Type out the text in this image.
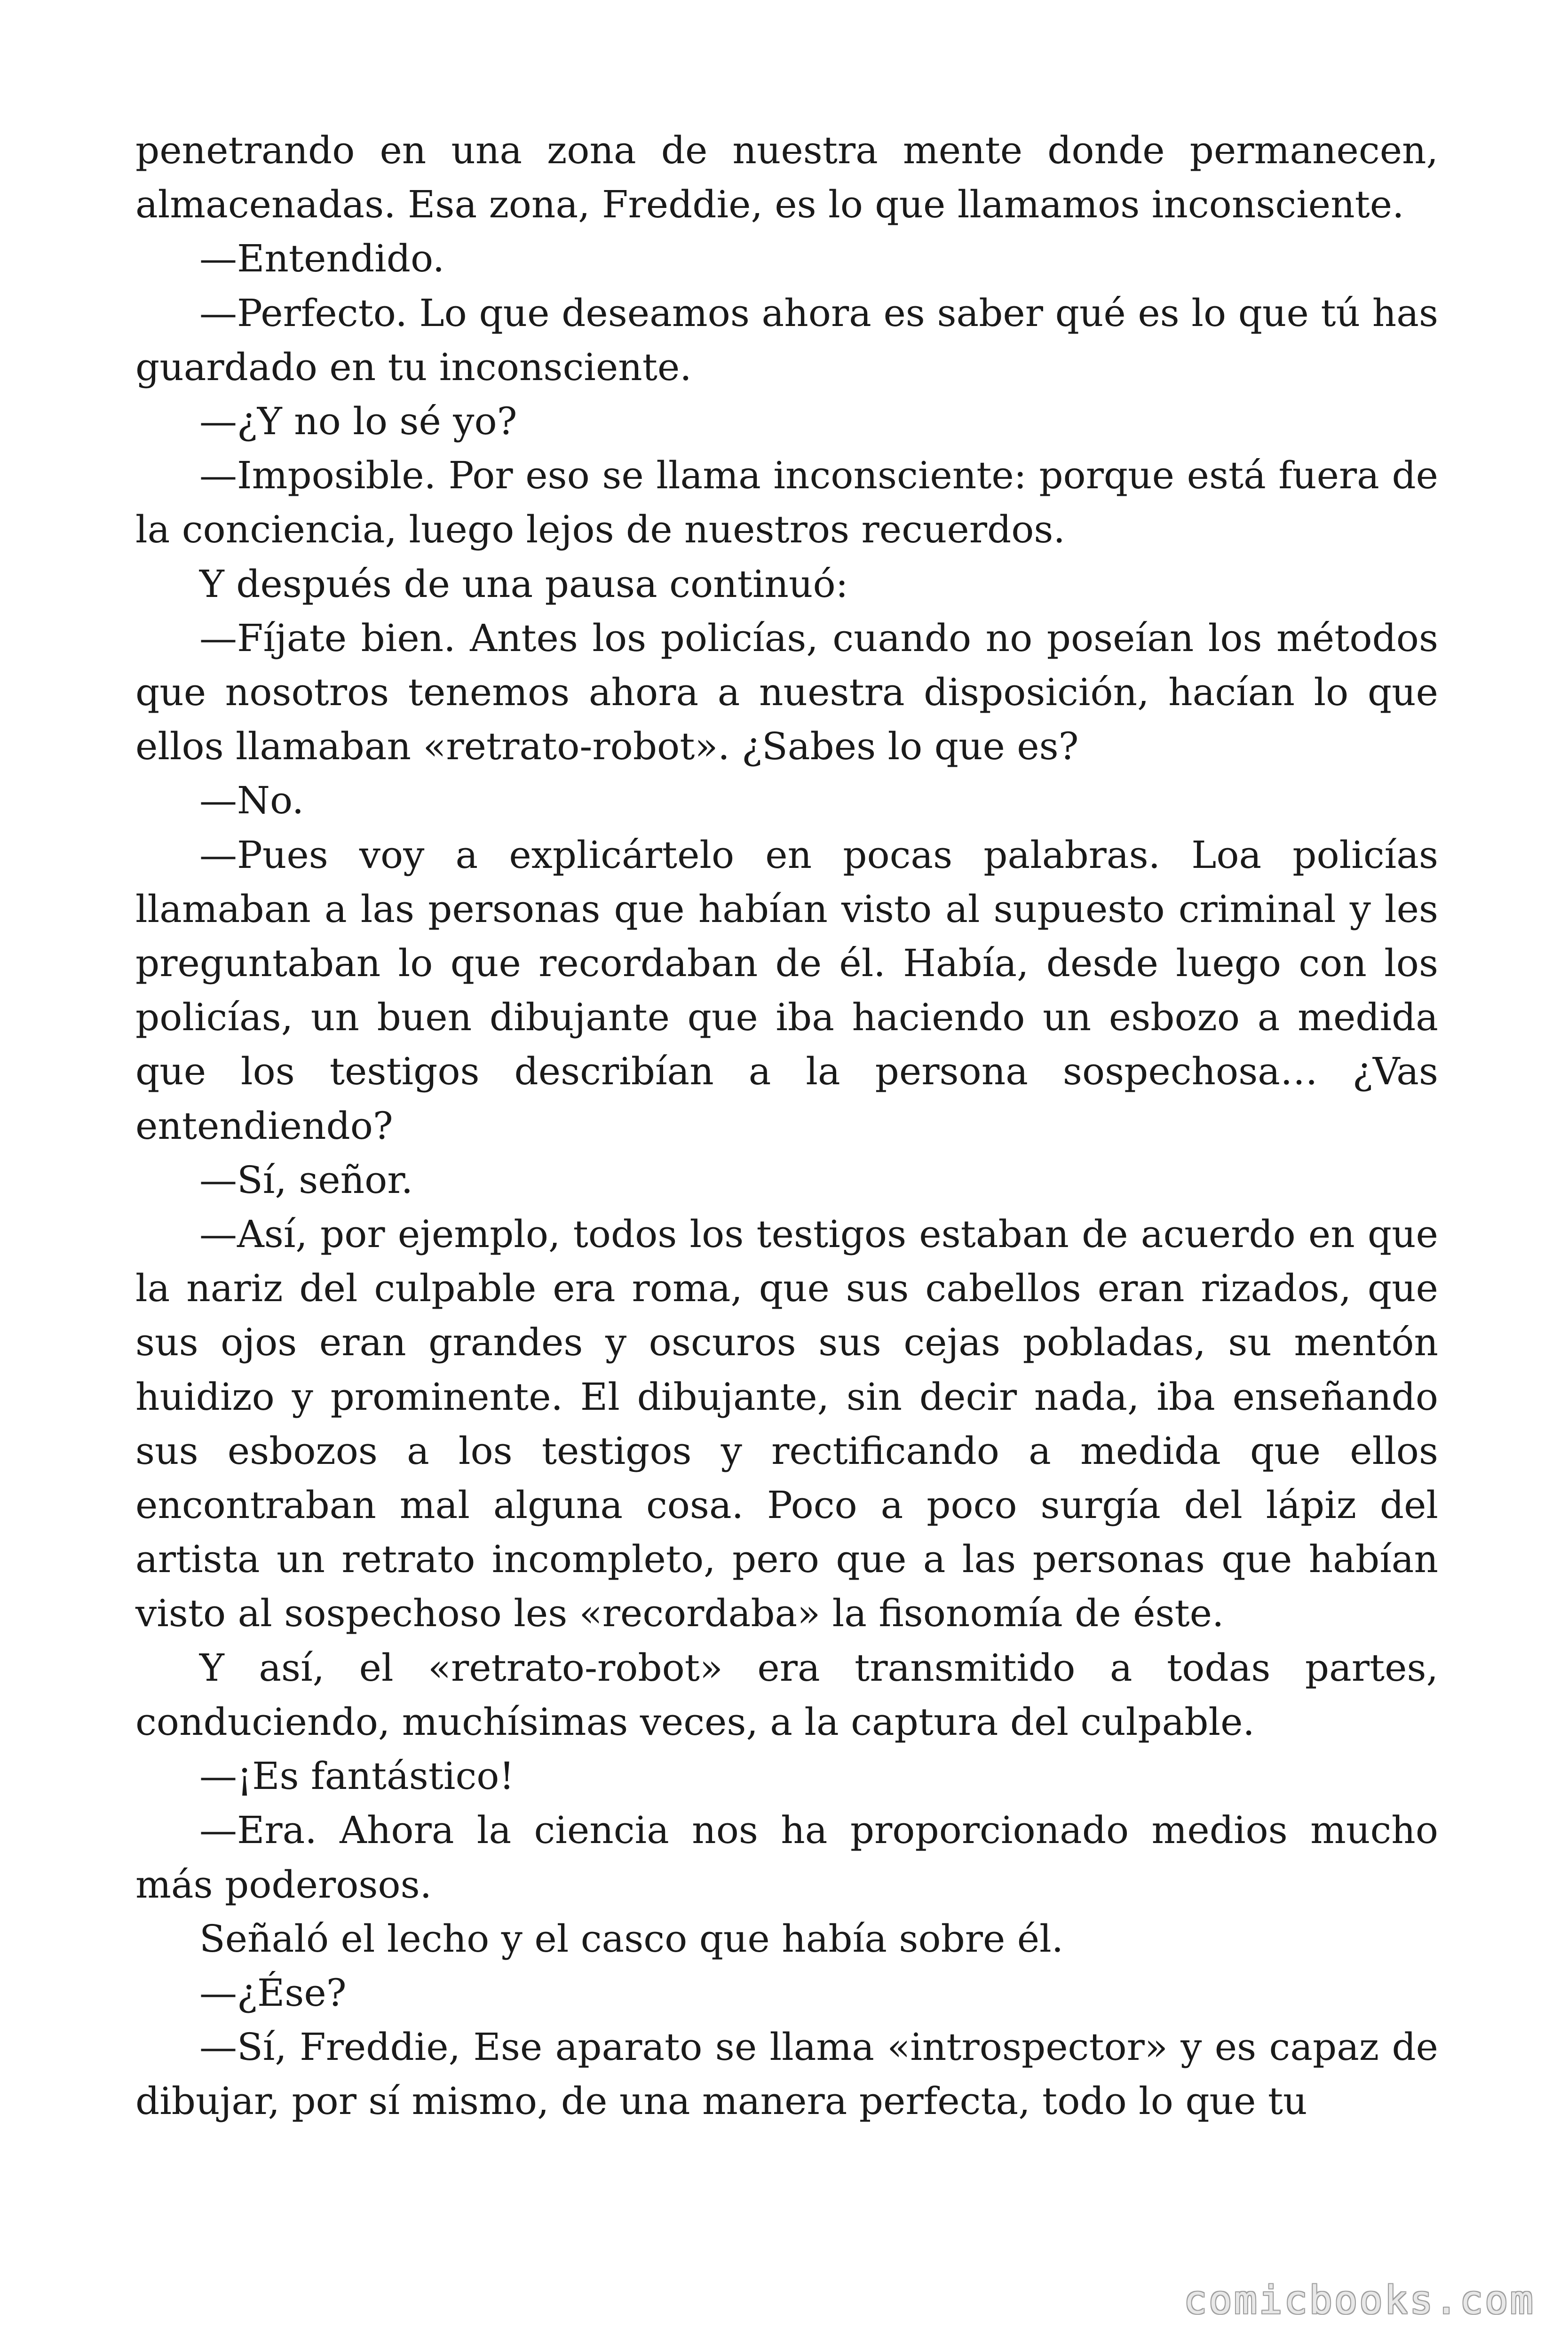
penetrando en una zona de nuestra mente donde permanecen, almacenadas. Esa zona, Freddie, es lo que llamamos inconsciente.

—Entendido.

—Perfecto. Lo que deseamos ahora es saber qué es lo que tú has guardado en tu inconsciente.

—¿Y no lo sé yo?

—Imposible. Por eso se llama inconsciente: porque está fuera de la conciencia, luego lejos de nuestros recuerdos.

Y después de una pausa continuó:

—Fíjate bien. Antes los policías, cuando no poseían los métodos que nosotros tenemos ahora a nuestra disposición, hacían lo que ellos llamaban «retrato-robot». ¿Sabes lo que es?

—No.

—Pues voy a explicártelo en pocas palabras. Loa policías llamaban a las personas que habían visto al supuesto criminal y les preguntaban lo que recordaban de él. Había, desde luego con los policías, un buen dibujante que iba haciendo un esbozo a medida que los testigos describían a la persona sospechosa… ¿Vas entendiendo?

—Sí, señor.

—Así, por ejemplo, todos los testigos estaban de acuerdo en que la nariz del culpable era roma, que sus cabellos eran rizados, que sus ojos eran grandes y oscuros sus cejas pobladas, su mentón huidizo y prominente. El dibujante, sin decir nada, iba enseñando sus esbozos a los testigos y rectificando a medida que ellos encontraban mal alguna cosa. Poco a poco surgía del lápiz del artista un retrato incompleto, pero que a las personas que habían visto al sospechoso les «recordaba» la fisonomía de éste.

Y así, el «retrato-robot» era transmitido a todas partes, conduciendo, muchísimas veces, a la captura del culpable.

—¡Es fantástico!

—Era. Ahora la ciencia nos ha proporcionado medios mucho más poderosos.

Señaló el lecho y el casco que había sobre él.

—¿Ése?

—Sí, Freddie, Ese aparato se llama «introspector» y es capaz de dibujar, por sí mismo, de una manera perfecta, todo lo que tu

comicbooks.com
